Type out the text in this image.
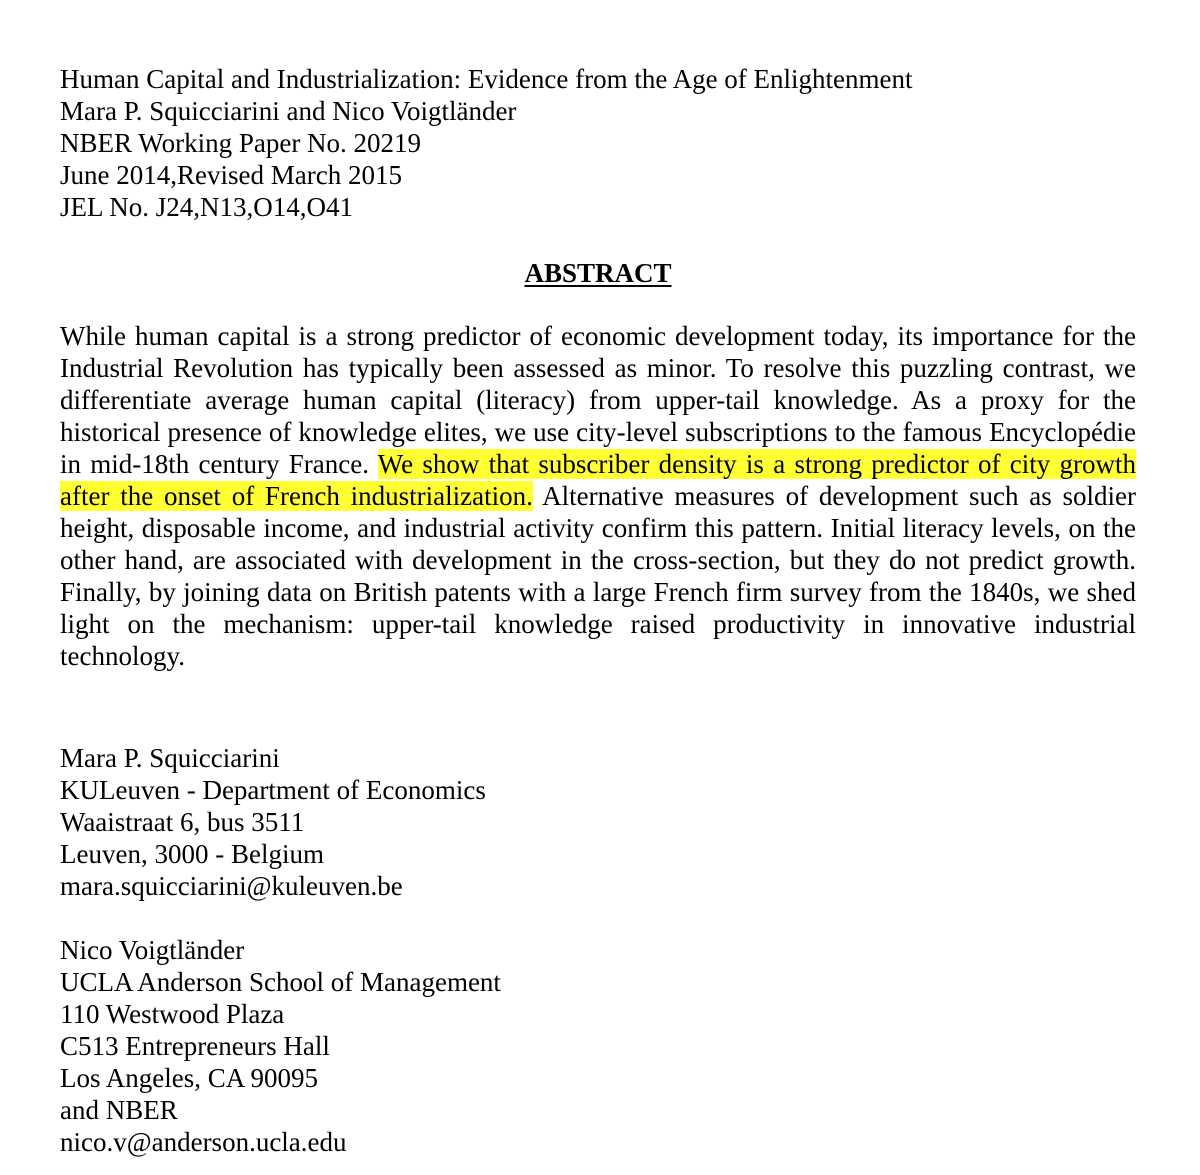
Human Capital and Industrialization: Evidence from the Age of Enlightenment
Mara P. Squicciarini and Nico Voigtländer
NBER Working Paper No. 20219
June 2014,Revised March 2015
JEL No. J24,N13,O14,O41
ABSTRACT
While human capital is a strong predictor of economic development today, its importance for the Industrial Revolution has typically been assessed as minor. To resolve this puzzling contrast, we differentiate average human capital (literacy) from upper-tail knowledge. As a proxy for the historical presence of knowledge elites, we use city-level subscriptions to the famous Encyclopédie in mid-18th century France. We show that subscriber density is a strong predictor of city growth after the onset of French industrialization. Alternative measures of development such as soldier height, disposable income, and industrial activity confirm this pattern. Initial literacy levels, on the other hand, are associated with development in the cross-section, but they do not predict growth. Finally, by joining data on British patents with a large French firm survey from the 1840s, we shed light on the mechanism: upper-tail knowledge raised productivity in innovative industrial technology.
Mara P. Squicciarini
KULeuven - Department of Economics
Waaistraat 6, bus 3511
Leuven, 3000 - Belgium
mara.squicciarini@kuleuven.be
Nico Voigtländer
UCLA Anderson School of Management
110 Westwood Plaza
C513 Entrepreneurs Hall
Los Angeles, CA 90095
and NBER
nico.v@anderson.ucla.edu
